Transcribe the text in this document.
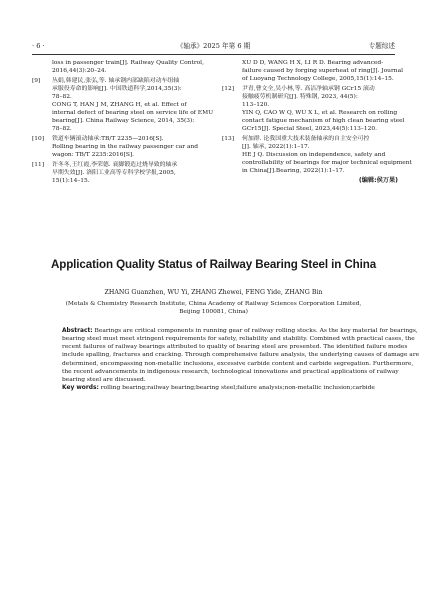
· 6 ·	《轴承》2025 年第 6 期	专题综述
loss in passenger train[J]. Railway Quality Control,
2016,44(3):20–24.
[9] 丛娟,韩建民,张弘,等. 轴承钢内部缺陷对动车组轴
承服役寿命的影响[J]. 中国铁道科学,2014,35(3):
78–82.
CONG T, HAN J M, ZHANG H, et al. Effect of
internal defect of bearing steel on service life of EMU
bearing[J]. China Railway Science, 2014, 35(3):
78–82.
[10] 铁道车辆滚动轴承:TB/T 2235—2016[S].
Rolling bearing in the railway passenger car and
wagon: TB/T 2235:2016[S].
[11] 许冬冬,王红霞,李荣德. 衰脚锻造过烧导致的轴承
早期失效[J]. 洛阳工业高等专科学校学报,2005,
15(1):14–15.
XU D D, WANG H X, LI R D. Bearing advanced-
failure caused by forging superheat of ring[J]. Journal
of Luoyang Technology College, 2005,15(1):14–15.
[12] 尹青,曹文全,吴小林,等. 高洁净轴承钢 GCr15 滚动
接触疲劳机制研究[J]. 特殊钢, 2023, 44(5):
113–120.
YIN Q, CAO W Q, WU X L, et al. Research on rolling
contact fatigue mechanism of high clean bearing steel
GCr15[J]. Special Steel, 2023,44(5):113–120.
[13] 何加群. 论我国重大技术装备轴承的自主安全可控
[J]. 轴承, 2022(1):1–17.
HE J Q. Discussion on independence, safety and
controllability of bearings for major technical equipment
in China[J].Bearing, 2022(1):1–17.
(编辑:侯万果)
Application Quality Status of Railway Bearing Steel in China
ZHANG Guanzhen, WU Yi, ZHANG Zhewei, FENG Yide, ZHANG Bin
(Metals & Chemistry Research Institute, China Academy of Railway Sciences Corporation Limited,
Beijing 100081, China)
Abstract: Bearings are critical components in running gear of railway rolling stocks. As the key material for bearings,
bearing steel must meet stringent requirements for safety, reliability and stability. Combined with practical cases, the
recent failures of railway bearings attributed to quality of bearing steel are presented. The identified failure modes
include spalling, fractures and cracking. Through comprehensive failure analysis, the underlying causes of damage are
determined, encompassing non-metallic inclusions, excessive carbide content and carbide segregation. Furthermore,
the recent advancements in indigenous research, technological innovations and practical applications of railway
bearing steel are discussed.
Key words: rolling bearing;railway bearing;bearing steel;failure analysis;non-metallic inclusion;carbide
